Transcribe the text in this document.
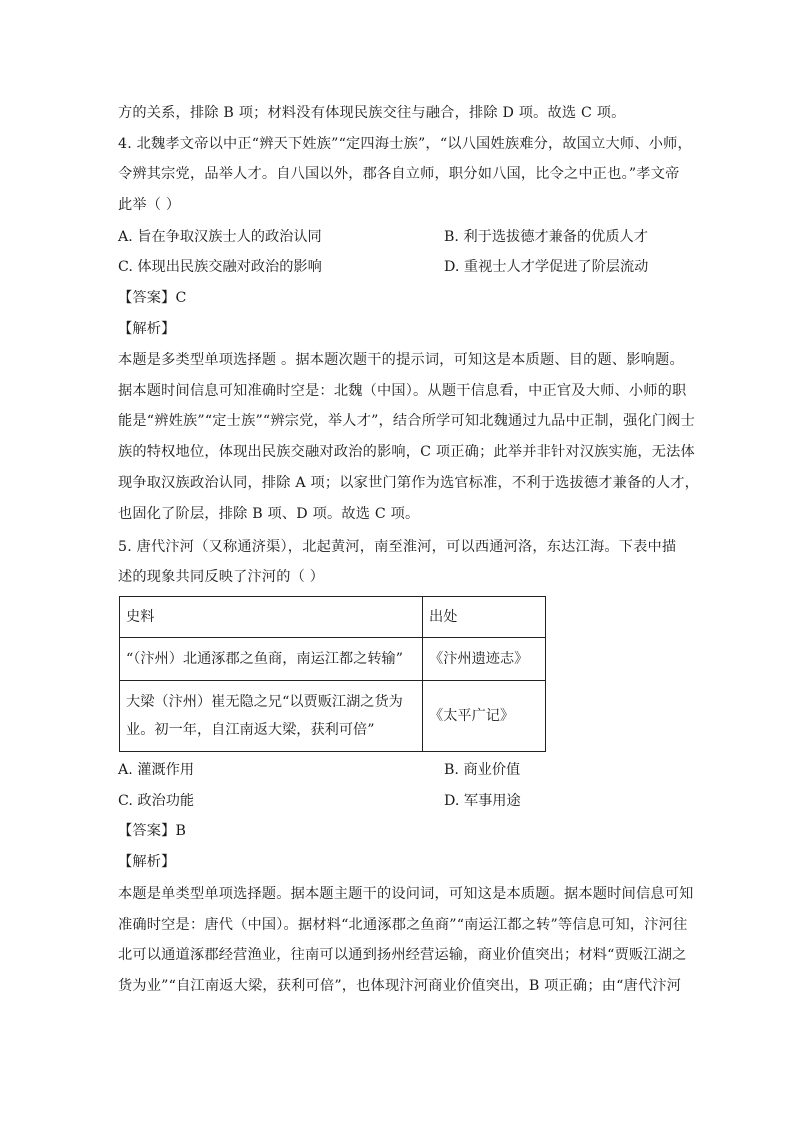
方的关系，排除 B 项；材料没有体现民族交往与融合，排除 D 项。故选 C 项。
4. 北魏孝文帝以中正“辨天下姓族”“定四海士族”，“以八国姓族难分，故国立大师、小师，
令辨其宗党，品举人才。自八国以外，郡各自立师，职分如八国，比令之中正也。”孝文帝
此举（ ）
A. 旨在争取汉族士人的政治认同	B. 利于选拔德才兼备的优质人才
C. 体现出民族交融对政治的影响	D. 重视士人才学促进了阶层流动
【答案】C
【解析】
本题是多类型单项选择题 。据本题次题干的提示词，可知这是本质题、目的题、影响题。
据本题时间信息可知准确时空是：北魏（中国）。从题干信息看，中正官及大师、小师的职
能是“辨姓族”“定士族”“辨宗党，举人才”，结合所学可知北魏通过九品中正制，强化门阀士
族的特权地位，体现出民族交融对政治的影响，C 项正确；此举并非针对汉族实施，无法体
现争取汉族政治认同，排除 A 项；以家世门第作为选官标准，不利于选拔德才兼备的人才，
也固化了阶层，排除 B 项、D 项。故选 C 项。
5. 唐代汴河（又称通济渠），北起黄河，南至淮河，可以西通河洛，东达江海。下表中描
述的现象共同反映了汴河的（ ）
史料	出处
“（汴州）北通涿郡之鱼商，南运江都之转输”	《汴州遗迹志》

大梁（汴州）崔无隐之兄“以贾贩江湖之货为
业。初一年，自江南返大梁，获利可倍”	《太平广记》
A. 灌溉作用	B. 商业价值
C. 政治功能	D. 军事用途
【答案】B
【解析】
本题是单类型单项选择题。据本题主题干的设问词，可知这是本质题。据本题时间信息可知
准确时空是：唐代（中国）。据材料“北通涿郡之鱼商”“南运江都之转”等信息可知，汴河往
北可以通道涿郡经营渔业，往南可以通到扬州经营运输，商业价值突出；材料“贾贩江湖之
货为业”“自江南返大梁，获利可倍”，也体现汴河商业价值突出，B 项正确；由“唐代汴河
